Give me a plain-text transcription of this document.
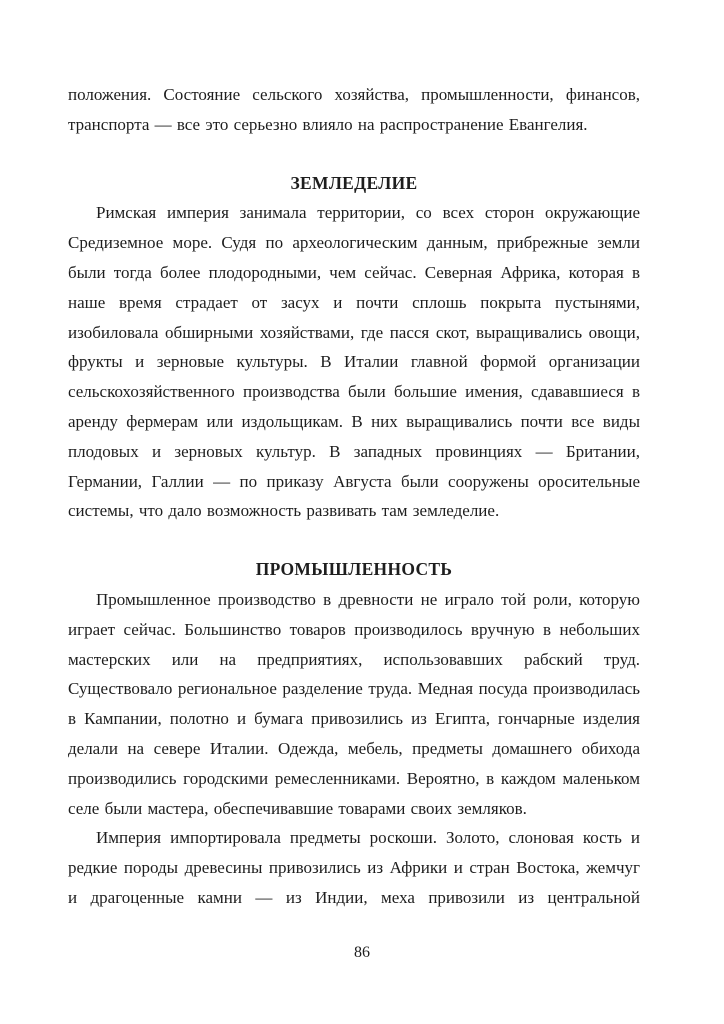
положения. Состояние сельского хозяйства, промышленности, финансов, транспорта — все это серьезно влияло на распространение Евангелия.

ЗЕМЛЕДЕЛИЕ

Римская империя занимала территории, со всех сторон окружающие Средиземное море. Судя по археологическим данным, прибрежные земли были тогда более плодородными, чем сейчас. Северная Африка, которая в наше время страдает от засух и почти сплошь покрыта пустынями, изобиловала обширными хозяйствами, где пасся скот, выращивались овощи, фрукты и зерновые культуры. В Италии главной формой организации сельскохозяйственного производства были большие имения, сдававшиеся в аренду фермерам или издольщикам. В них выращивались почти все виды плодовых и зерновых культур. В западных провинциях — Британии, Германии, Галлии — по приказу Августа были сооружены оросительные системы, что дало возможность развивать там земледелие.

ПРОМЫШЛЕННОСТЬ

Промышленное производство в древности не играло той роли, которую играет сейчас. Большинство товаров производилось вручную в небольших мастерских или на предприятиях, использовавших рабский труд. Существовало региональное разделение труда. Медная посуда производилась в Кампании, полотно и бумага привозились из Египта, гончарные изделия делали на севере Италии. Одежда, мебель, предметы домашнего обихода производились городскими ремесленниками. Вероятно, в каждом маленьком селе были мастера, обеспечивавшие товарами своих земляков.

Империя импортировала предметы роскоши. Золото, слоновая кость и редкие породы древесины привозились из Африки и стран Востока, жемчуг и драгоценные камни — из Индии, меха привозили из центральной

86
